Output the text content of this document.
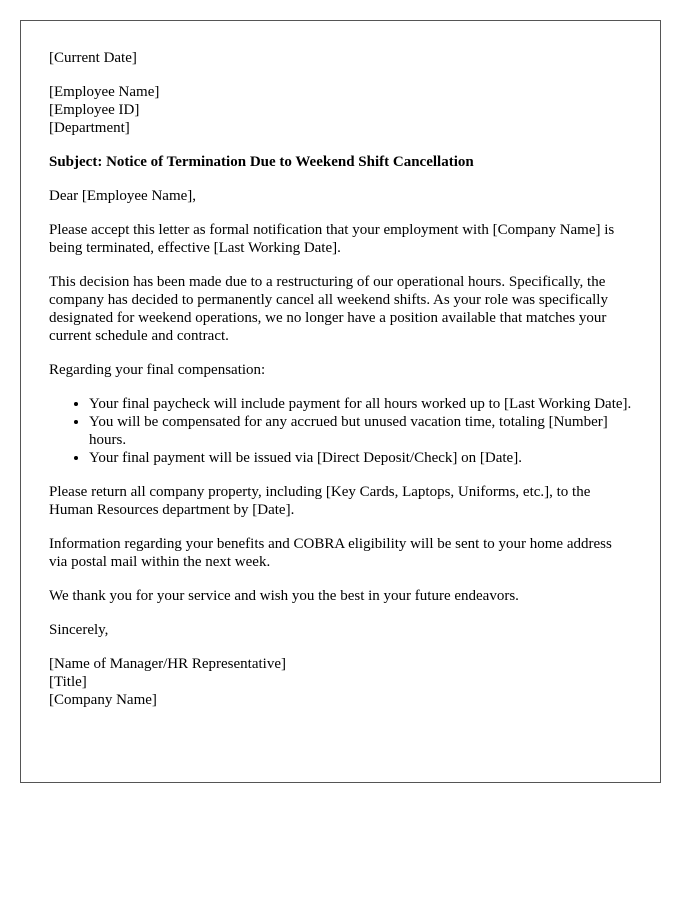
[Current Date]

[Employee Name]
[Employee ID]
[Department]

Subject: Notice of Termination Due to Weekend Shift Cancellation

Dear [Employee Name],

Please accept this letter as formal notification that your employment with [Company Name] is being terminated, effective [Last Working Date].

This decision has been made due to a restructuring of our operational hours. Specifically, the company has decided to permanently cancel all weekend shifts. As your role was specifically designated for weekend operations, we no longer have a position available that matches your current schedule and contract.

Regarding your final compensation:

• Your final paycheck will include payment for all hours worked up to [Last Working Date].
• You will be compensated for any accrued but unused vacation time, totaling [Number] hours.
• Your final payment will be issued via [Direct Deposit/Check] on [Date].

Please return all company property, including [Key Cards, Laptops, Uniforms, etc.], to the Human Resources department by [Date].

Information regarding your benefits and COBRA eligibility will be sent to your home address via postal mail within the next week.

We thank you for your service and wish you the best in your future endeavors.

Sincerely,

[Name of Manager/HR Representative]
[Title]
[Company Name]
